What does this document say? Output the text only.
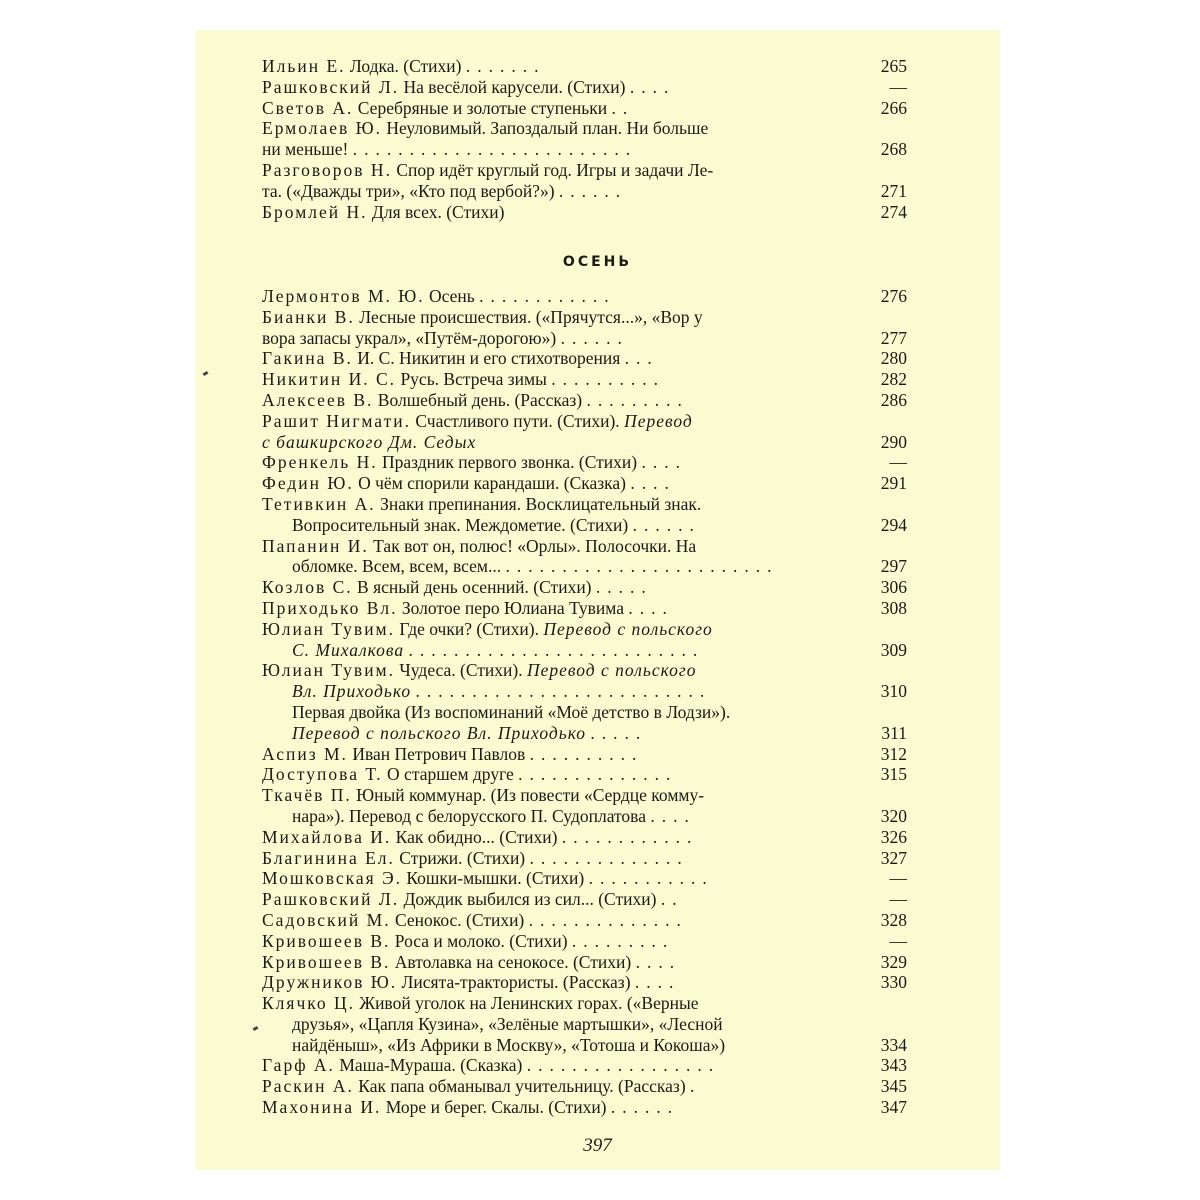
Ильин Е. Лодка. (Стихи) .......	265
Рашковский Л. На весёлой карусели. (Стихи) ....	—
Светов А. Серебряные и золотые ступеньки ..	266
Ермолаев Ю. Неуловимый. Запоздалый план. Ни больше
ни меньше! .........................	268
Разговоров Н. Спор идёт круглый год. Игры и задачи Ле-
та. («Дважды три», «Кто под вербой?») ......	271
Бромлей Н. Для всех. (Стихи)	274
ОСЕНЬ
Лермонтов М. Ю. Осень ............	276
Бианки В. Лесные происшествия. («Прячутся...», «Вор у
вора запасы украл», «Путём-дорогою») ......	277
Гакина В. И. С. Никитин и его стихотворения ...	280
Никитин И. С. Русь. Встреча зимы ..........	282
Алексеев В. Волшебный день. (Рассказ) .........	286
Рашит Нигмати. Счастливого пути. (Стихи). Перевод
с башкирского Дм. Седых	290
Френкель Н. Праздник первого звонка. (Стихи) ....	—
Федин Ю. О чём спорили карандаши. (Сказка) ....	291
Тетивкин А. Знаки препинания. Восклицательный знак.
Вопросительный знак. Междометие. (Стихи) ......	294
Папанин И. Так вот он, полюс! «Орлы». Полосочки. На
обломке. Всем, всем, всем... ........................	297
Козлов С. В ясный день осенний. (Стихи) .....	306
Приходько Вл. Золотое перо Юлиана Тувима ....	308
Юлиан Тувим. Где очки? (Стихи). Перевод с польского
С. Михалкова ..........................	309
Юлиан Тувим. Чудеса. (Стихи). Перевод с польского
Вл. Приходько ..........................	310
Первая двойка (Из воспоминаний «Моё детство в Лодзи»).
Перевод с польского Вл. Приходько .....	311
Аспиз М. Иван Петрович Павлов ..........	312
Доступова Т. О старшем друге ..............	315
Ткачёв П. Юный коммунар. (Из повести «Сердце комму-
нара»). Перевод с белорусского П. Судоплатова ....	320
Михайлова И. Как обидно... (Стихи) ............	326
Благинина Ел. Стрижи. (Стихи) ..............	327
Мошковская Э. Кошки-мышки. (Стихи) ...........	—
Рашковский Л. Дождик выбился из сил... (Стихи) ..	—
Садовский М. Сенокос. (Стихи) ..............	328
Кривошеев В. Роса и молоко. (Стихи) .........	—
Кривошеев В. Автолавка на сенокосе. (Стихи) ....	329
Дружников Ю. Лисята-трактористы. (Рассказ) ....	330
Клячко Ц. Живой уголок на Ленинских горах. («Верные
друзья», «Цапля Кузина», «Зелёные мартышки», «Лесной
найдёныш», «Из Африки в Москву», «Тотоша и Кокоша»)	334
Гарф А. Маша-Мураша. (Сказка) .................	343
Раскин А. Как папа обманывал учительницу. (Рассказ) .	345
Махонина И. Море и берег. Скалы. (Стихи) ......	347
397
